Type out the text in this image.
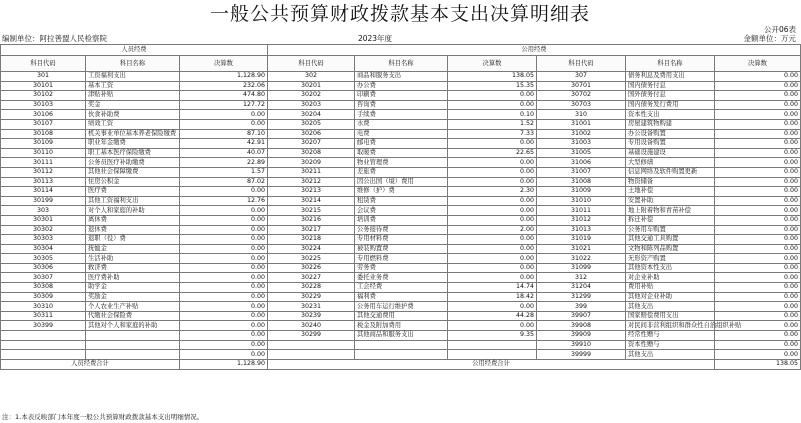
一般公共预算财政拨款基本支出决算明细表
公开06表
编制单位：阿拉善盟人民检察院	2023年度	金额单位：万元
人员经费			公用经费					
科目代码	科目名称	决算数	科目代码	科目名称	决算数	科目代码	科目名称	决算数
301	工资福利支出	1,128.90	302	商品和服务支出	138.05	307	债务利息及费用支出	0.00
30101	基本工资	232.06	30201	办公费	15.35	30701	国内债务付息	0.00
30102	津贴补贴	474.80	30202	印刷费	0.00	30702	国外债务付息	0.00
30103	奖金	127.72	30203	咨询费	0.00	30703	国内债务发行费用	0.00
30106	伙食补助费	0.00	30204	手续费	0.10	310	资本性支出	0.00
30107	绩效工资	0.00	30205	水费	1.52	31001	房屋建筑物购建	0.00
30108	机关事业单位基本养老保险缴费	87.10	30206	电费	7.33	31002	办公设备购置	0.00
30109	职业年金缴费	42.91	30207	邮电费	0.00	31003	专用设备购置	0.00
30110	职工基本医疗保险缴费	40.07	30208	取暖费	22.65	31005	基础设施建设	0.00
30111	公务员医疗补助缴费	22.89	30209	物业管理费	0.00	31006	大型修缮	0.00
30112	其他社会保障缴费	1.57	30211	差旅费	0.00	31007	信息网络及软件购置更新	0.00
30113	住房公积金	87.02	30212	因公出国（境）费用	0.00	31008	物资储备	0.00
30114	医疗费	0.00	30213	维修（护）费	2.30	31009	土地补偿	0.00
30199	其他工资福利支出	12.76	30214	租赁费	0.00	31010	安置补助	0.00
303	对个人和家庭的补助	0.00	30215	会议费	0.00	31011	地上附着物和青苗补偿	0.00
30301	离休费	0.00	30216	培训费	0.00	31012	拆迁补偿	0.00
30302	退休费	0.00	30217	公务接待费	2.00	31013	公务用车购置	0.00
30303	退职（役）费	0.00	30218	专用材料费	0.00	31019	其他交通工具购置	0.00
30304	抚恤金	0.00	30224	被装购置费	0.00	31021	文物和陈列品购置	0.00
30305	生活补助	0.00	30225	专用燃料费	0.00	31022	无形资产购置	0.00
30306	救济费	0.00	30226	劳务费	0.00	31099	其他资本性支出	0.00
30307	医疗费补助	0.00	30227	委托业务费	0.00	312	对企业补助	0.00
30308	助学金	0.00	30228	工会经费	14.74	31204	费用补贴	0.00
30309	奖励金	0.00	30229	福利费	18.42	31299	其他对企业补助	0.00
30310	个人农业生产补贴	0.00	30231	公务用车运行维护费	0.00	399	其他支出	0.00
30311	代缴社会保险费	0.00	30239	其他交通费用	44.28	39907	国家赔偿费用支出	0.00
30399	其他对个人和家庭的补助	0.00	30240	税金及附加费用	0.00	39908	对民间非营利组织和群众性自治组织补贴	0.00
		0.00	30299	其他商品和服务支出	9.35	39909	经常性赠与	0.00
		0.00				39910	资本性赠与	0.00
		0.00				39999	其他支出	0.00
人员经费合计		1,128.90	公用经费合计					138.05
注：1.本表反映部门本年度一般公共预算财政拨款基本支出明细情况。
